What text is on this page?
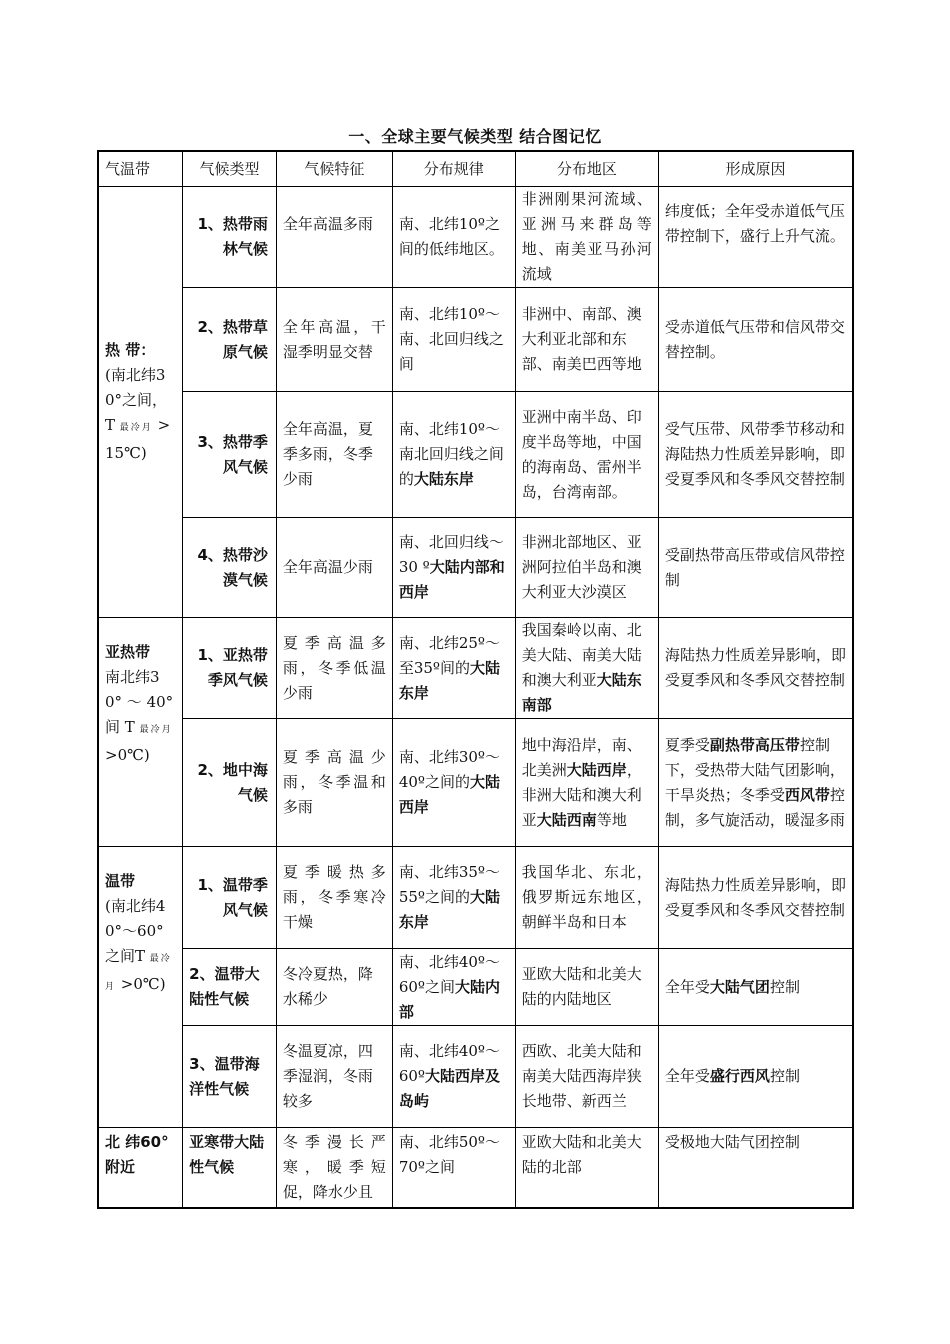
一、全球主要气候类型 结合图记忆
气温带	气候类型	气候特征	分布规律	分布地区	形成原因

热 带：
(南北纬30°之间，T 最冷月 >15℃)	1、热带雨林气候	全年高温多雨	南、北纬10º之间的低纬地区。	非洲刚果河流域、亚洲马来群岛等地、南美亚马孙河流域	纬度低；全年受赤道低气压带控制下，盛行上升气流。
	2、热带草原气候	全年高温，干湿季明显交替	南、北纬10º～南、北回归线之间	非洲中、南部、澳大利亚北部和东部、南美巴西等地	受赤道低气压带和信风带交替控制。
	3、热带季风气候	全年高温，夏季多雨，冬季少雨	南、北纬10º～南北回归线之间的大陆东岸	亚洲中南半岛、印度半岛等地，中国的海南岛、雷州半岛，台湾南部。	受气压带、风带季节移动和海陆热力性质差异影响，即受夏季风和冬季风交替控制
	4、热带沙漠气候	全年高温少雨	南、北回归线～30 º大陆内部和西岸	非洲北部地区、亚洲阿拉伯半岛和澳大利亚大沙漠区	受副热带高压带或信风带控制

亚热带
南北纬30° ～ 40° 间 T 最冷月 >0℃)	1、亚热带季风气候	夏季高温多雨，冬季低温少雨	南、北纬25º～至35º间的大陆东岸	我国秦岭以南、北美大陆、南美大陆和澳大利亚大陆东南部	海陆热力性质差异影响，即受夏季风和冬季风交替控制
	2、地中海气候	夏季高温少雨，冬季温和多雨	南、北纬30º～40º之间的大陆西岸	地中海沿岸，南、北美洲大陆西岸，非洲大陆和澳大利亚大陆西南等地	夏季受副热带高压带控制下，受热带大陆气团影响，干旱炎热；冬季受西风带控制，多气旋活动，暖湿多雨

温带
(南北纬40°～60°之间T 最冷月 >0℃)	1、温带季风气候	夏季暖热多雨，冬季寒冷干燥	南、北纬35º～55º之间的大陆东岸	我国华北、东北，俄罗斯远东地区，朝鲜半岛和日本	海陆热力性质差异影响，即受夏季风和冬季风交替控制
	2、温带大陆性气候	冬冷夏热，降水稀少	南、北纬40º～60º之间大陆内部	亚欧大陆和北美大陆的内陆地区	全年受大陆气团控制
	3、温带海洋性气候	冬温夏凉，四季湿润，冬雨较多	南、北纬40º～60º大陆西岸及岛屿	西欧、北美大陆和南美大陆西海岸狭长地带、新西兰	全年受盛行西风控制

北 纬60°附近	亚寒带大陆性气候	冬季漫长严寒，暖季短促，降水少且	南、北纬50º～70º之间	亚欧大陆和北美大陆的北部	受极地大陆气团控制
